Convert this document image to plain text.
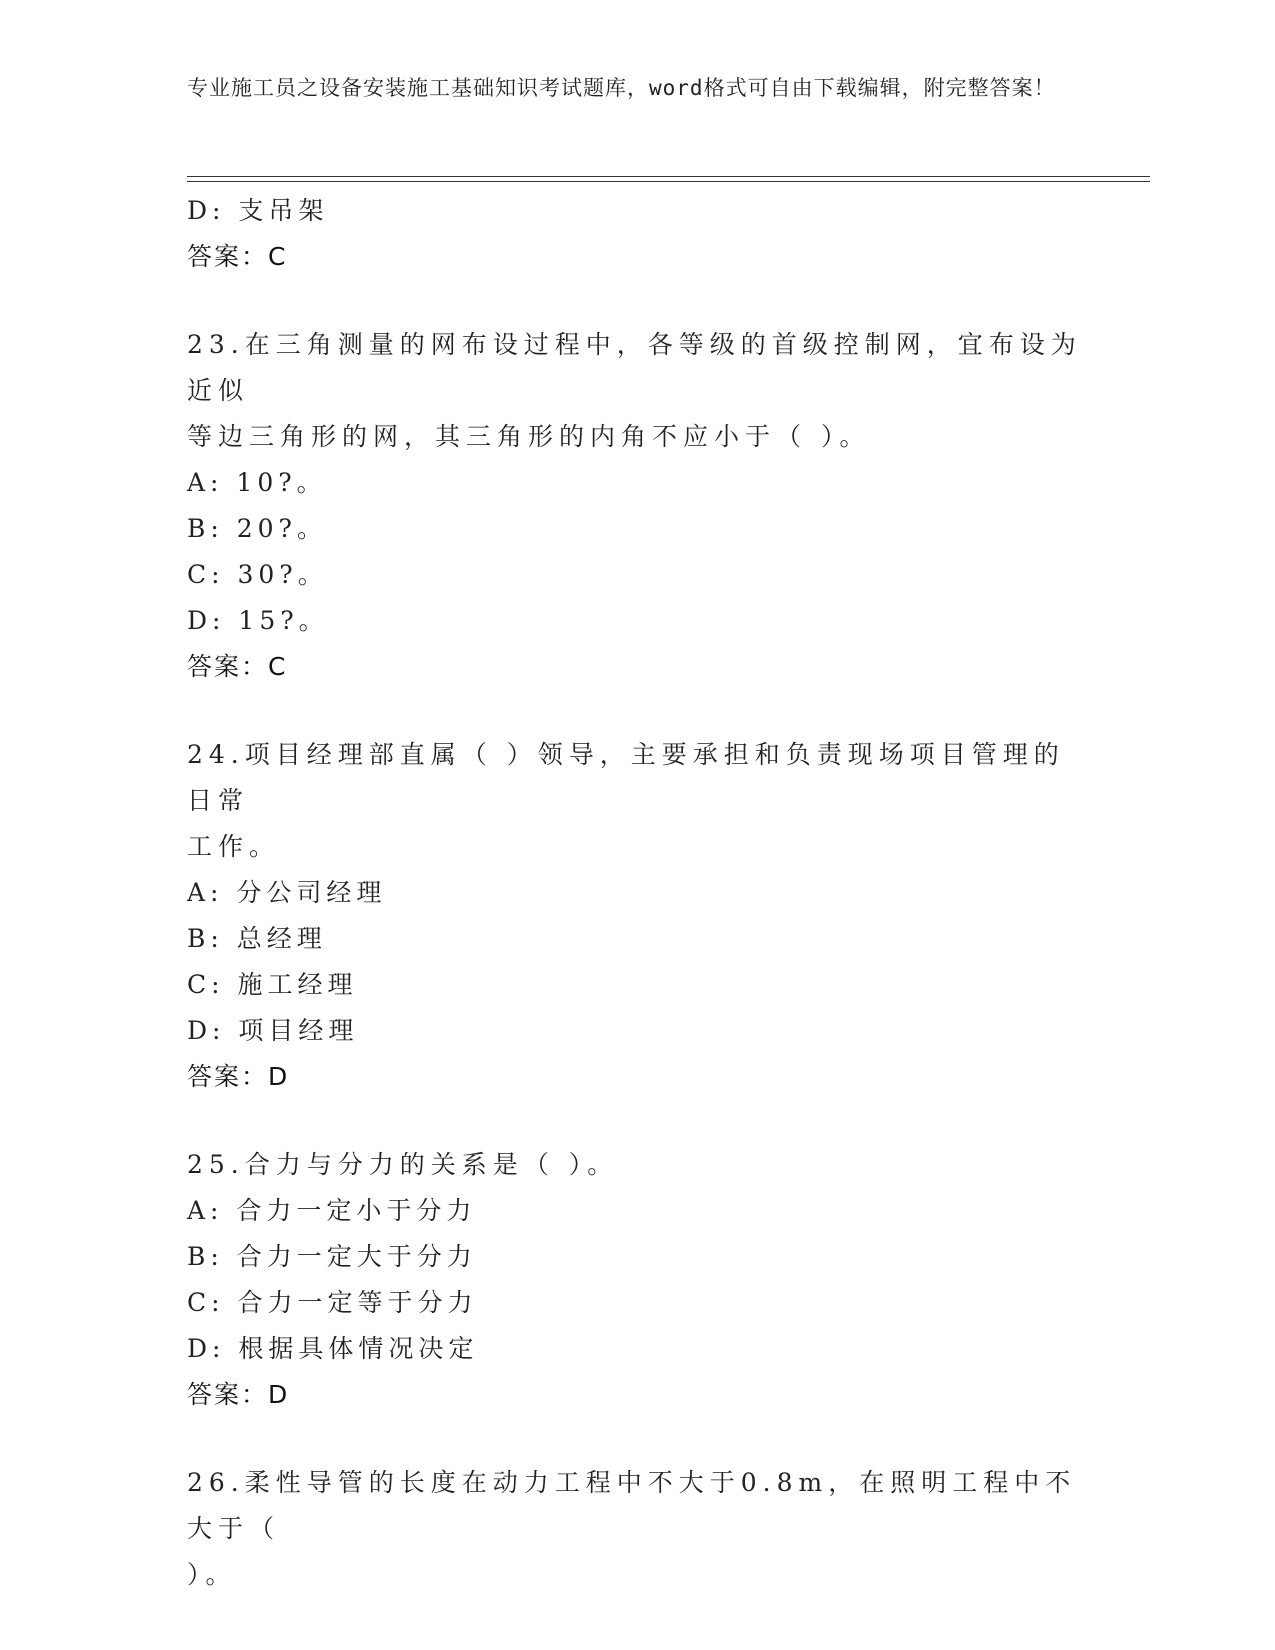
专业施工员之设备安装施工基础知识考试题库，word格式可自由下载编辑，附完整答案！
D: 支吊架
答案：C
23.在三角测量的网布设过程中，各等级的首级控制网，宜布设为近似
等边三角形的网，其三角形的内角不应小于（ ）。
A: 10?。
B: 20?。
C: 30?。
D: 15?。
答案：C
24.项目经理部直属（ ）领导，主要承担和负责现场项目管理的日常
工作。
A: 分公司经理
B: 总经理
C: 施工经理
D: 项目经理
答案：D
25.合力与分力的关系是（ ）。
A: 合力一定小于分力
B: 合力一定大于分力
C: 合力一定等于分力
D: 根据具体情况决定
答案：D
26.柔性导管的长度在动力工程中不大于0.8m，在照明工程中不大于（
）。
